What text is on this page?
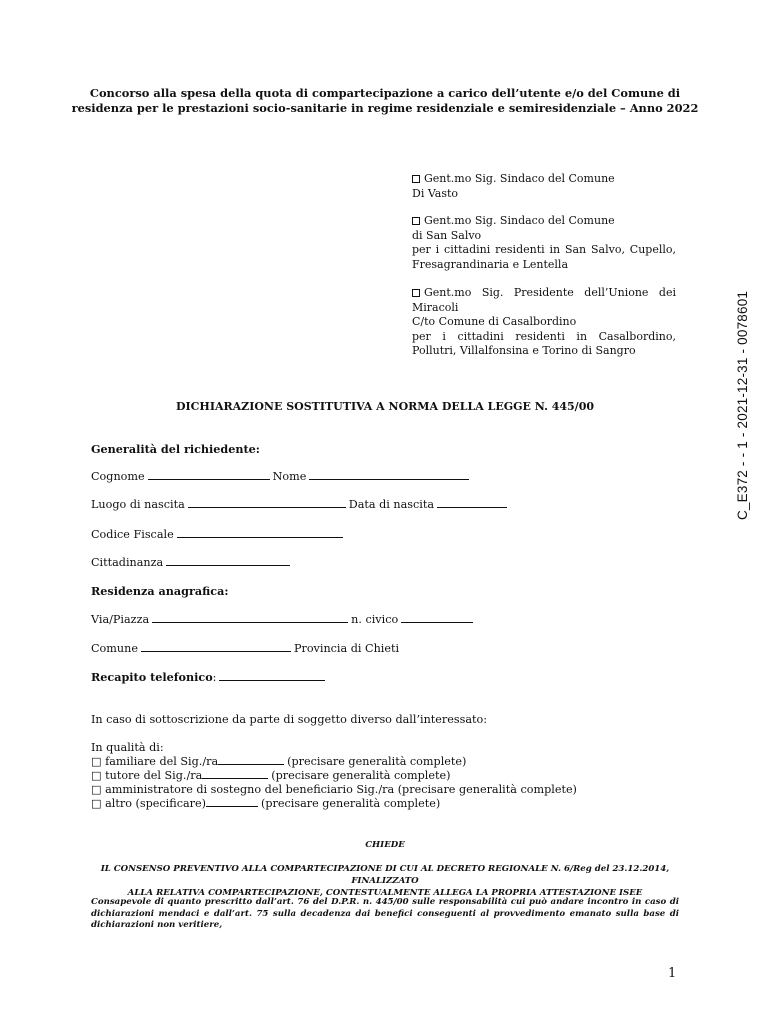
Concorso alla spesa della quota di compartecipazione a carico dell’utente e/o del Comune di
residenza per le prestazioni socio-sanitarie in regime residenziale e semiresidenziale – Anno 2022
Gent.mo Sig. Sindaco del Comune
Di Vasto
Gent.mo Sig. Sindaco del Comune
di San Salvo
per i cittadini residenti in San Salvo, Cupello,
Fresagrandinaria e Lentella
Gent.mo Sig. Presidente dell’Unione dei
Miracoli
C/to Comune di Casalbordino
per i cittadini residenti in Casalbordino,
Pollutri, Villalfonsina e Torino di Sangro	C_E372 - - 1 - 2021-12-31 - 0078601
DICHIARAZIONE SOSTITUTIVA A NORMA DELLA LEGGE N. 445/00
Generalità del richiedente:
Cognome	Nome
Luogo di nascita	Data di nascita
Codice Fiscale
Cittadinanza
Residenza anagrafica:
Via/Piazza	n. civico
Comune	Provincia di Chieti
Recapito telefonico:
In caso di sottoscrizione da parte di soggetto diverso dall’interessato:
In qualità di:
□ familiare del Sig./ra	(precisare generalità complete)
□ tutore del Sig./ra	(precisare generalità complete)
□ amministratore di sostegno del beneficiario Sig./ra (precisare generalità complete)
□ altro (specificare)	(precisare generalità complete)
CHIEDE
IL CONSENSO PREVENTIVO ALLA COMPARTECIPAZIONE DI CUI AL DECRETO REGIONALE N. 6/Reg del 23.12.2014, FINALIZZATO
ALLA RELATIVA COMPARTECIPAZIONE, CONTESTUALMENTE ALLEGA LA PROPRIA ATTESTAZIONE ISEE
Consapevole di quanto prescritto dall’art. 76 del D.P.R. n. 445/00 sulle responsabilità cui può andare incontro in caso di
dichiarazioni mendaci e dall’art. 75 sulla decadenza dai benefici conseguenti al provvedimento emanato sulla base di
dichiarazioni non veritiere,
1
